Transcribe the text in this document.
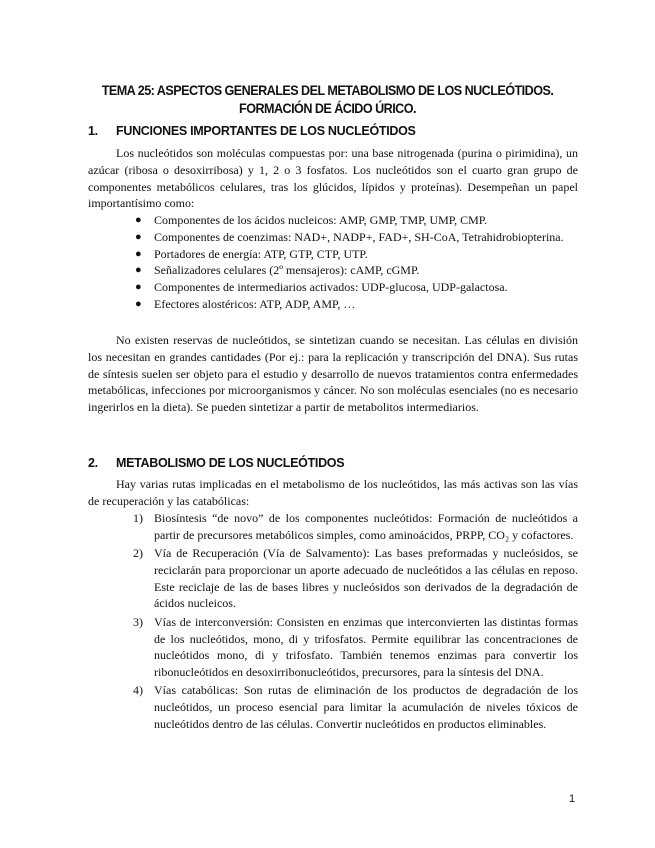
TEMA 25: ASPECTOS GENERALES DEL METABOLISMO DE LOS NUCLEÓTIDOS.
FORMACIÓN DE ÁCIDO ÚRICO.
1. FUNCIONES IMPORTANTES DE LOS NUCLEÓTIDOS
Los nucleótidos son moléculas compuestas por: una base nitrogenada (purina o pirimidina), un azúcar (ribosa o desoxirribosa) y 1, 2 o 3 fosfatos. Los nucleótidos son el cuarto gran grupo de componentes metabólicos celulares, tras los glúcidos, lípidos y proteínas). Desempeñan un papel importantísimo como:
● Componentes de los ácidos nucleicos: AMP, GMP, TMP, UMP, CMP.
● Componentes de coenzimas: NAD+, NADP+, FAD+, SH-CoA, Tetrahidrobiopterina.
● Portadores de energía: ATP, GTP, CTP, UTP.
● Señalizadores celulares (2º mensajeros): cAMP, cGMP.
● Componentes de intermediarios activados: UDP-glucosa, UDP-galactosa.
● Efectores alostéricos: ATP, ADP, AMP, …
No existen reservas de nucleótidos, se sintetizan cuando se necesitan. Las células en división los necesitan en grandes cantidades (Por ej.: para la replicación y transcripción del DNA). Sus rutas de síntesis suelen ser objeto para el estudio y desarrollo de nuevos tratamientos contra enfermedades metabólicas, infecciones por microorganismos y cáncer. No son moléculas esenciales (no es necesario ingerirlos en la dieta). Se pueden sintetizar a partir de metabolitos intermediarios.
2. METABOLISMO DE LOS NUCLEÓTIDOS
Hay varias rutas implicadas en el metabolismo de los nucleótidos, las más activas son las vías de recuperación y las catabólicas:
1) Biosíntesis “de novo” de los componentes nucleótidos: Formación de nucleótidos a partir de precursores metabólicos simples, como aminoácidos, PRPP, CO₂ y cofactores.
2) Vía de Recuperación (Vía de Salvamento): Las bases preformadas y nucleósidos, se reciclarán para proporcionar un aporte adecuado de nucleótidos a las células en reposo. Este reciclaje de las de bases libres y nucleósidos son derivados de la degradación de ácidos nucleicos.
3) Vías de interconversión: Consisten en enzimas que interconvierten las distintas formas de los nucleótidos, mono, di y trifosfatos. Permite equilibrar las concentraciones de nucleótidos mono, di y trifosfato. También tenemos enzimas para convertir los ribonucleótidos en desoxirribonucleótidos, precursores, para la síntesis del DNA.
4) Vías catabólicas: Son rutas de eliminación de los productos de degradación de los nucleótidos, un proceso esencial para limitar la acumulación de niveles tóxicos de nucleótidos dentro de las células. Convertir nucleótidos en productos eliminables.
1
